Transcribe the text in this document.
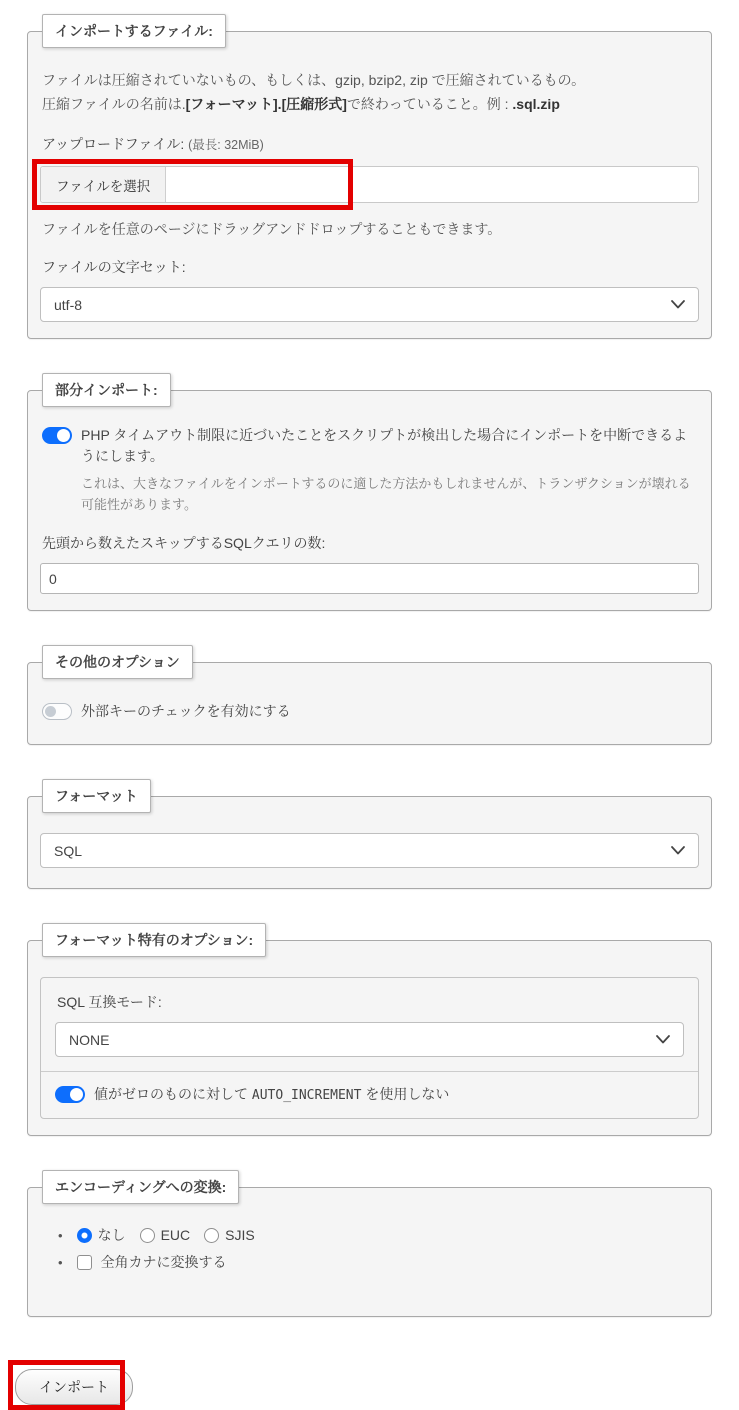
インポートするファイル:
ファイルは圧縮されていないもの、もしくは、gzip, bzip2, zip で圧縮されているもの。
圧縮ファイルの名前は.[フォーマット].[圧縮形式]で終わっていること。例 : .sql.zip
アップロードファイル: (最長: 32MiB)
ファイルを選択
ファイルを任意のページにドラッグアンドドロップすることもできます。
ファイルの文字セット:
utf-8
部分インポート:
PHP タイムアウト制限に近づいたことをスクリプトが検出した場合にインポートを中断できるようにします。
これは、大きなファイルをインポートするのに適した方法かもしれませんが、トランザクションが壊れる可能性があります。
先頭から数えたスキップするSQLクエリの数:
0
その他のオプション
外部キーのチェックを有効にする
フォーマット
SQL
フォーマット特有のオプション:
SQL 互換モード:
NONE
値がゼロのものに対して AUTO_INCREMENT を使用しない
エンコーディングへの変換:
• なし	EUC	SJIS
• 全角カナに変換する
インポート
